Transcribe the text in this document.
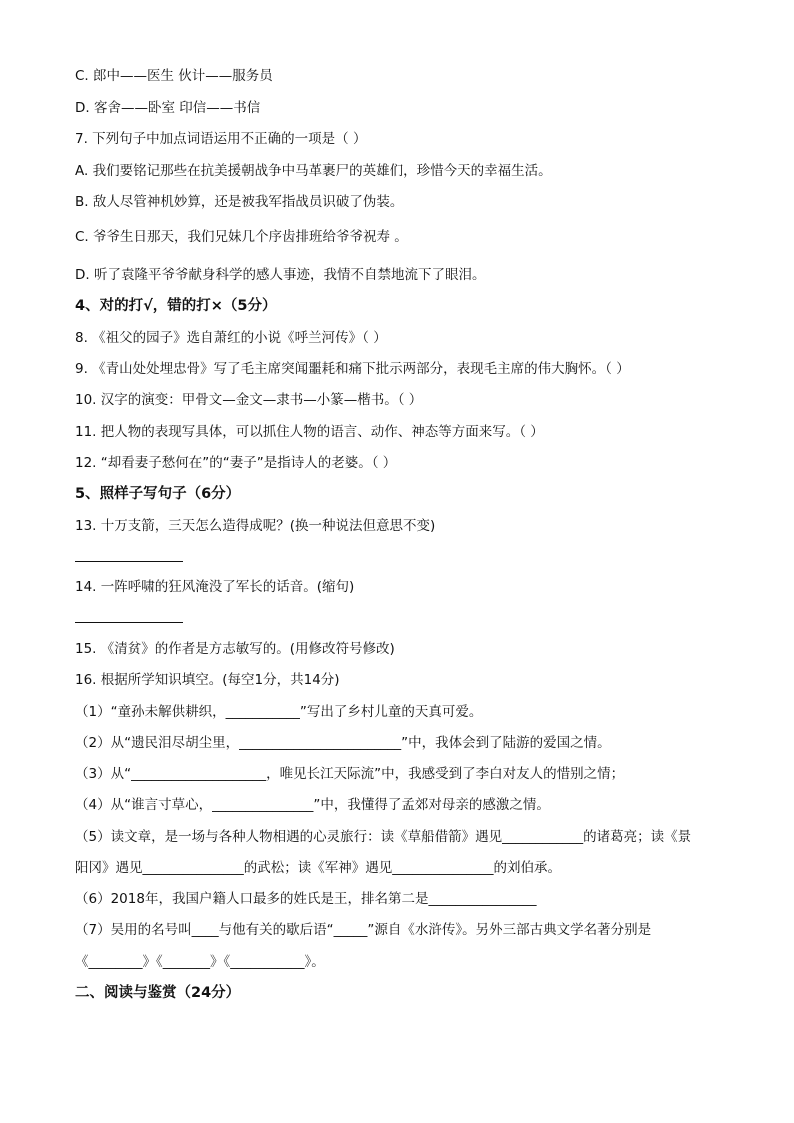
C. 郎中——医生 伙计——服务员
D. 客舍——卧室 印信——书信
7. 下列句子中加点词语运用不正确的一项是（ ）
A. 我们要铭记那些在抗美援朝战争中马革裹尸的英雄们，珍惜今天的幸福生活。
B. 敌人尽管神机妙算，还是被我军指战员识破了伪装。
C. 爷爷生日那天，我们兄妹几个序齿排班给爷爷祝寿 。
D. 听了袁隆平爷爷献身科学的感人事迹，我情不自禁地流下了眼泪。
4、对的打√，错的打×（5分）
8. 《祖父的园子》选自萧红的小说《呼兰河传》（ ）
9. 《青山处处埋忠骨》写了毛主席突闻噩耗和痛下批示两部分，表现毛主席的伟大胸怀。（ ）
10. 汉字的演变：甲骨文—金文—隶书—小篆—楷书。（ ）
11. 把人物的表现写具体，可以抓住人物的语言、动作、神态等方面来写。（ ）
12. “却看妻子愁何在”的“妻子”是指诗人的老婆。（ ）
5、照样子写句子（6分）
13. 十万支箭，三天怎么造得成呢？(换一种说法但意思不变)
14. 一阵呼啸的狂风淹没了军长的话音。(缩句)
15. 《清贫》的作者是方志敏写的。(用修改符号修改)
16. 根据所学知识填空。(每空1分，共14分)
（1）“童孙未解供耕织，___________”写出了乡村儿童的天真可爱。
（2）从“遗民泪尽胡尘里，________________________”中，我体会到了陆游的爱国之情。
（3）从“____________________，唯见长江天际流”中，我感受到了李白对友人的惜别之情；
（4）从“谁言寸草心，_______________”中，我懂得了孟郊对母亲的感激之情。
（5）读文章，是一场与各种人物相遇的心灵旅行：读《草船借箭》遇见____________的诸葛亮；读《景
阳冈》遇见_______________的武松；读《军神》遇见_______________的刘伯承。
（6）2018年，我国户籍人口最多的姓氏是王，排名第二是________________
（7）吴用的名号叫____与他有关的歇后语“_____”源自《水浒传》。另外三部古典文学名著分别是
《________》《_______》《___________》。
二、阅读与鉴赏（24分）
